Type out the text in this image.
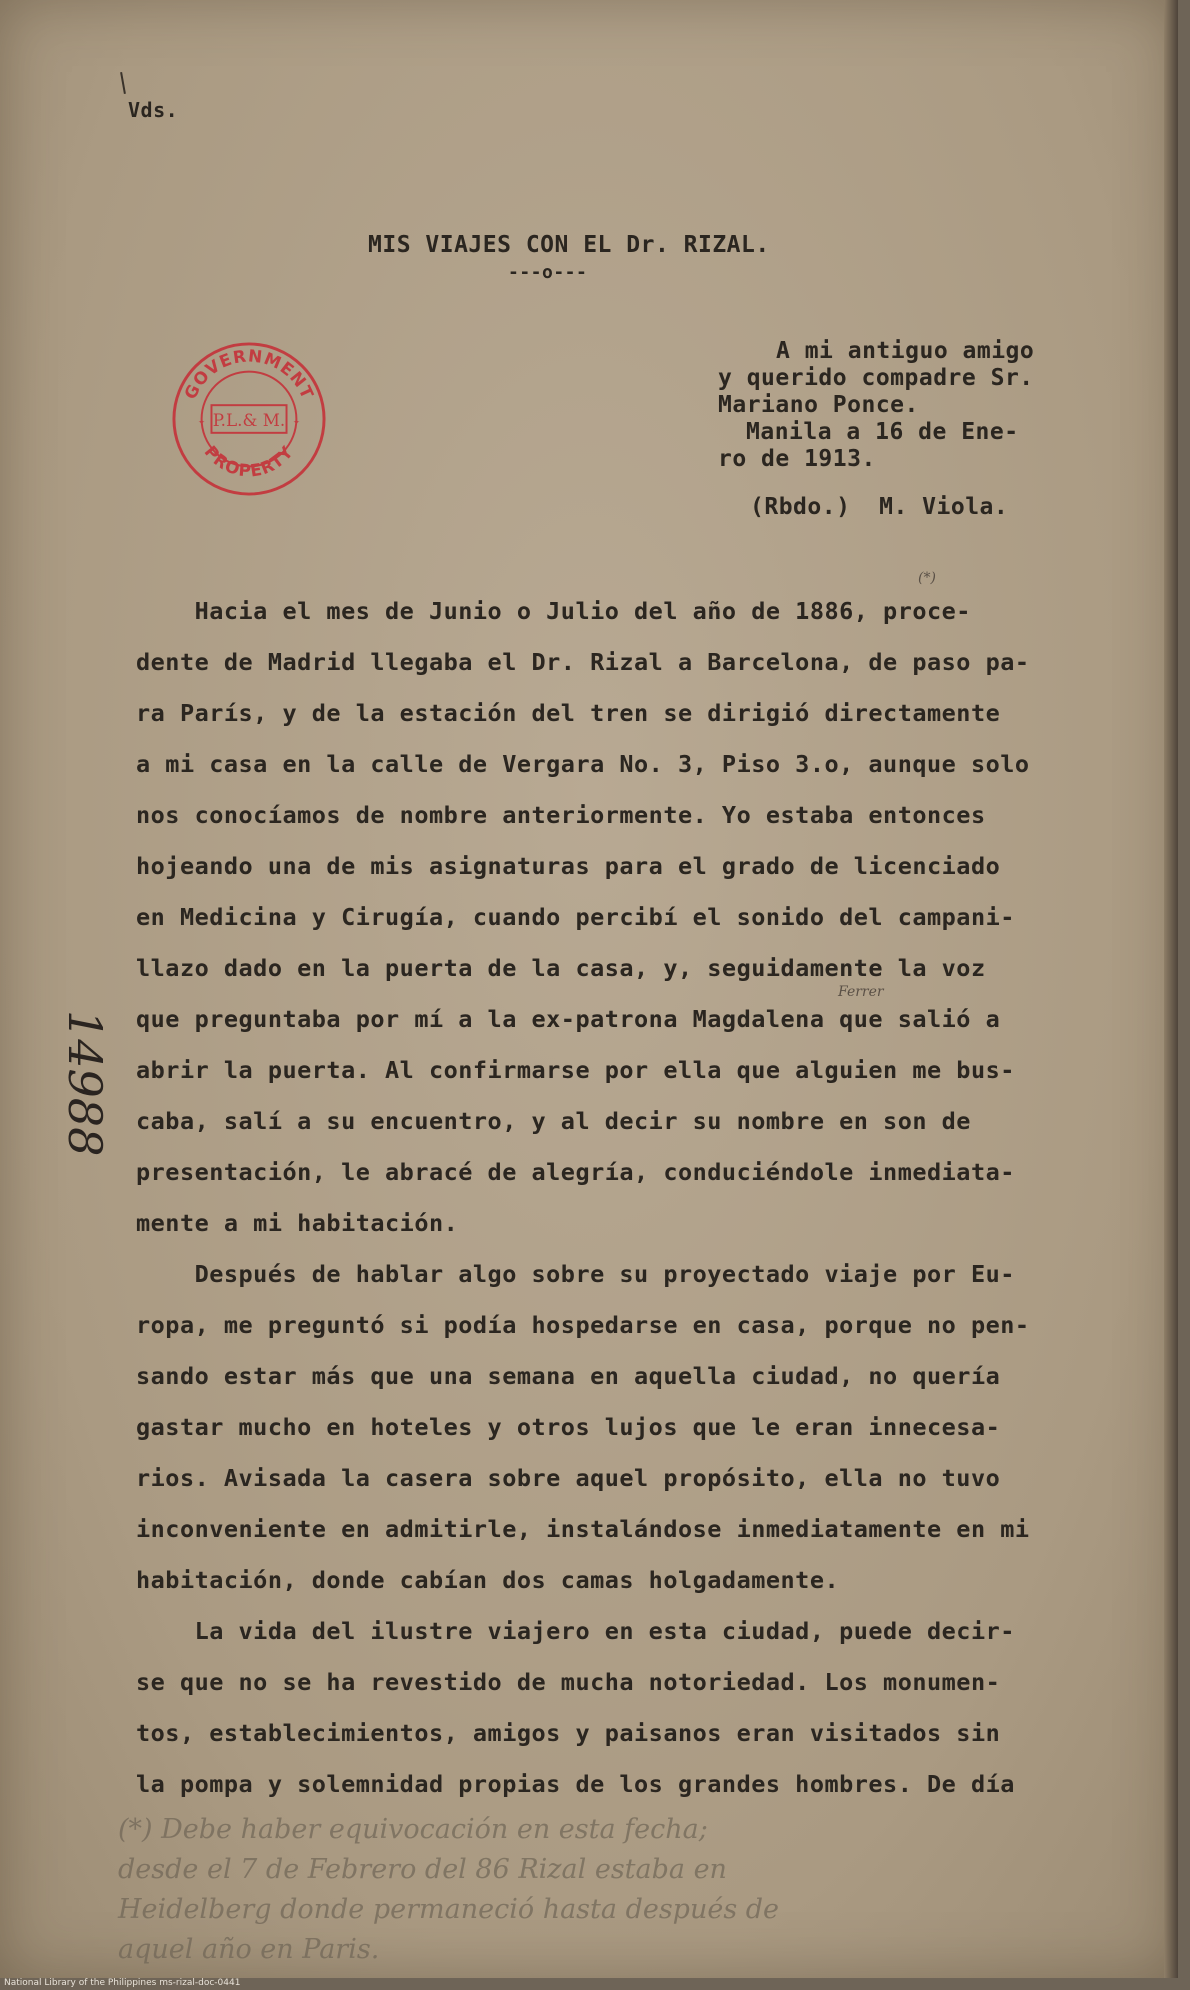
Vds.
MIS VIAJES CON EL Dr. RIZAL.
---o---
GOVERNMENT
PROPERTY
P.L.& M.
✦	✦
A mi antiguo amigo
y querido compadre Sr.
Mariano Ponce.
Manila a 16 de Ene-
ro de 1913.
(Rbdo.)  M. Viola.
(*)
Ferrer
Hacia el mes de Junio o Julio del año de 1886, proce-
dente de Madrid llegaba el Dr. Rizal a Barcelona, de paso pa-
ra París, y de la estación del tren se dirigió directamente
a mi casa en la calle de Vergara No. 3, Piso 3.o, aunque solo
nos conocíamos de nombre anteriormente. Yo estaba entonces
hojeando una de mis asignaturas para el grado de licenciado
en Medicina y Cirugía, cuando percibí el sonido del campani-
llazo dado en la puerta de la casa, y, seguidamente la voz
que preguntaba por mí a la ex-patrona Magdalena que salió a
abrir la puerta. Al confirmarse por ella que alguien me bus-
caba, salí a su encuentro, y al decir su nombre en son de
presentación, le abracé de alegría, conduciéndole inmediata-
mente a mi habitación.
Después de hablar algo sobre su proyectado viaje por Eu-
ropa, me preguntó si podía hospedarse en casa, porque no pen-
sando estar más que una semana en aquella ciudad, no quería
gastar mucho en hoteles y otros lujos que le eran innecesa-
rios. Avisada la casera sobre aquel propósito, ella no tuvo
inconveniente en admitirle, instalándose inmediatamente en mi
habitación, donde cabían dos camas holgadamente.
La vida del ilustre viajero en esta ciudad, puede decir-
se que no se ha revestido de mucha notoriedad. Los monumen-
tos, establecimientos, amigos y paisanos eran visitados sin
la pompa y solemnidad propias de los grandes hombres. De día
14988
(*) Debe haber equivocación en esta fecha;
desde el 7 de Febrero del 86 Rizal estaba en
Heidelberg donde permaneció hasta después de
aquel año en Paris.
National Library of the Philippines ms-rizal-doc-0441
